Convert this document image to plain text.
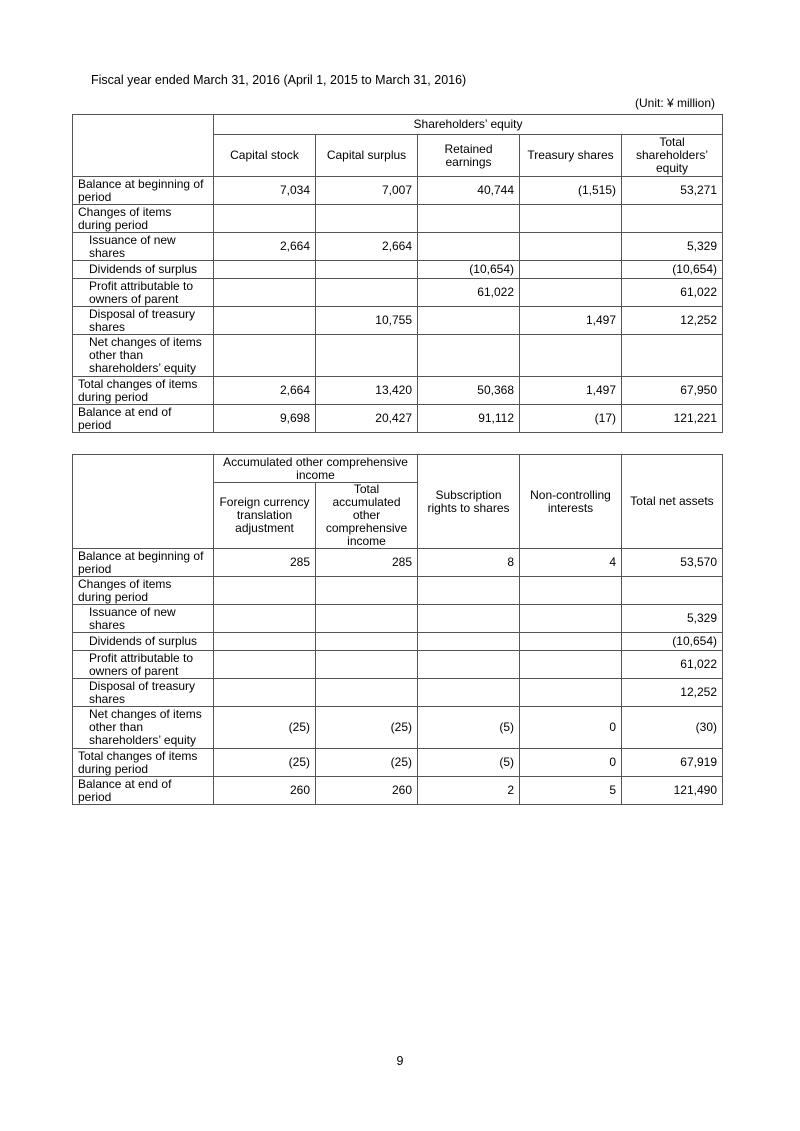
Fiscal year ended March 31, 2016 (April 1, 2015 to March 31, 2016)
(Unit: ¥ million)
	Shareholders’ equity				
	Capital stock	Capital surplus	Retained earnings	Treasury shares	Total shareholders’ equity
Balance at beginning of period	7,034	7,007	40,744	(1,515)	53,271
Changes of items during period					
Issuance of new shares	2,664	2,664			5,329
Dividends of surplus			(10,654)		(10,654)
Profit attributable to owners of parent			61,022		61,022
Disposal of treasury shares		10,755		1,497	12,252
Net changes of items other than shareholders’ equity					
Total changes of items during period	2,664	13,420	50,368	1,497	67,950
Balance at end of period	9,698	20,427	91,112	(17)	121,221
	Accumulated other comprehensive income		Subscription rights to shares	Non-controlling interests	Total net assets
	Foreign currency translation adjustment	Total accumulated other comprehensive income			
Balance at beginning of period	285	285	8	4	53,570
Changes of items during period					
Issuance of new shares					5,329
Dividends of surplus					(10,654)
Profit attributable to owners of parent					61,022
Disposal of treasury shares					12,252
Net changes of items other than shareholders’ equity	(25)	(25)	(5)	0	(30)
Total changes of items during period	(25)	(25)	(5)	0	67,919
Balance at end of period	260	260	2	5	121,490
9
